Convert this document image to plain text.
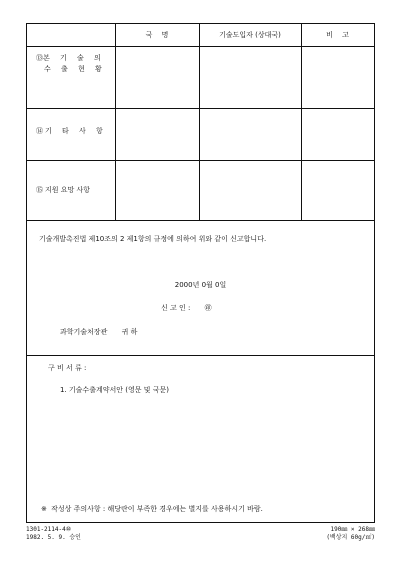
국　 명	기술도입자 (상대국)	비　 고
⑬본 기 술 의
수 출 현 황
⑭ 기 타 사 항
⑮ 지원 요망 사항
기술개발촉진법 제10조의 2 제1항의 규정에 의하여 위와 같이 신고합니다.
2000년 0월 0일
신 고 인 : ㊞
과학기술처장관 귀 하
구 비 서 류 :
1. 기술수출계약서안 (영문 및 국문)
※ 작성상 주의사항 : 해당란이 부족한 경우에는 별지를 사용하시기 바람.
1301-2114-4⑩
1982. 5. 9. 승인
190㎜ × 268㎜
(백상지 60g/㎡)
